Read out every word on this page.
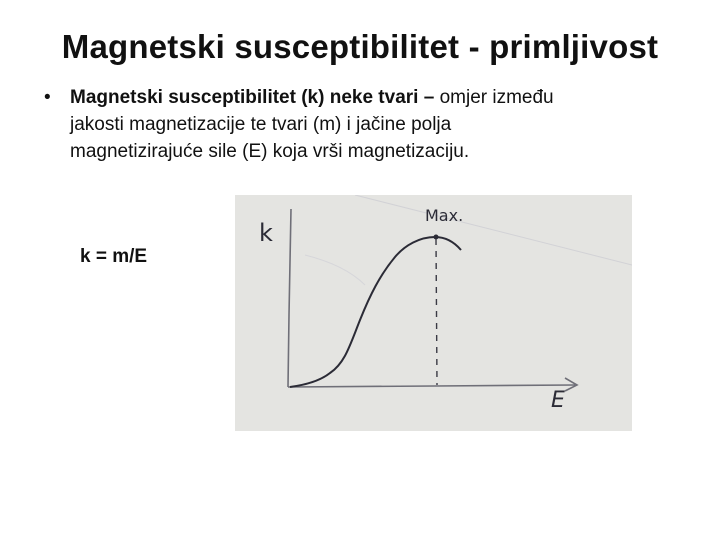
Magnetski susceptibilitet - primljivost
• Magnetski susceptibilitet (k) neke tvari – omjer između
jakosti magnetizacije te tvari (m) i jačine polja
magnetizirajuće sile (E) koja vrši magnetizaciju.
k = m/E
k
Max.
E
